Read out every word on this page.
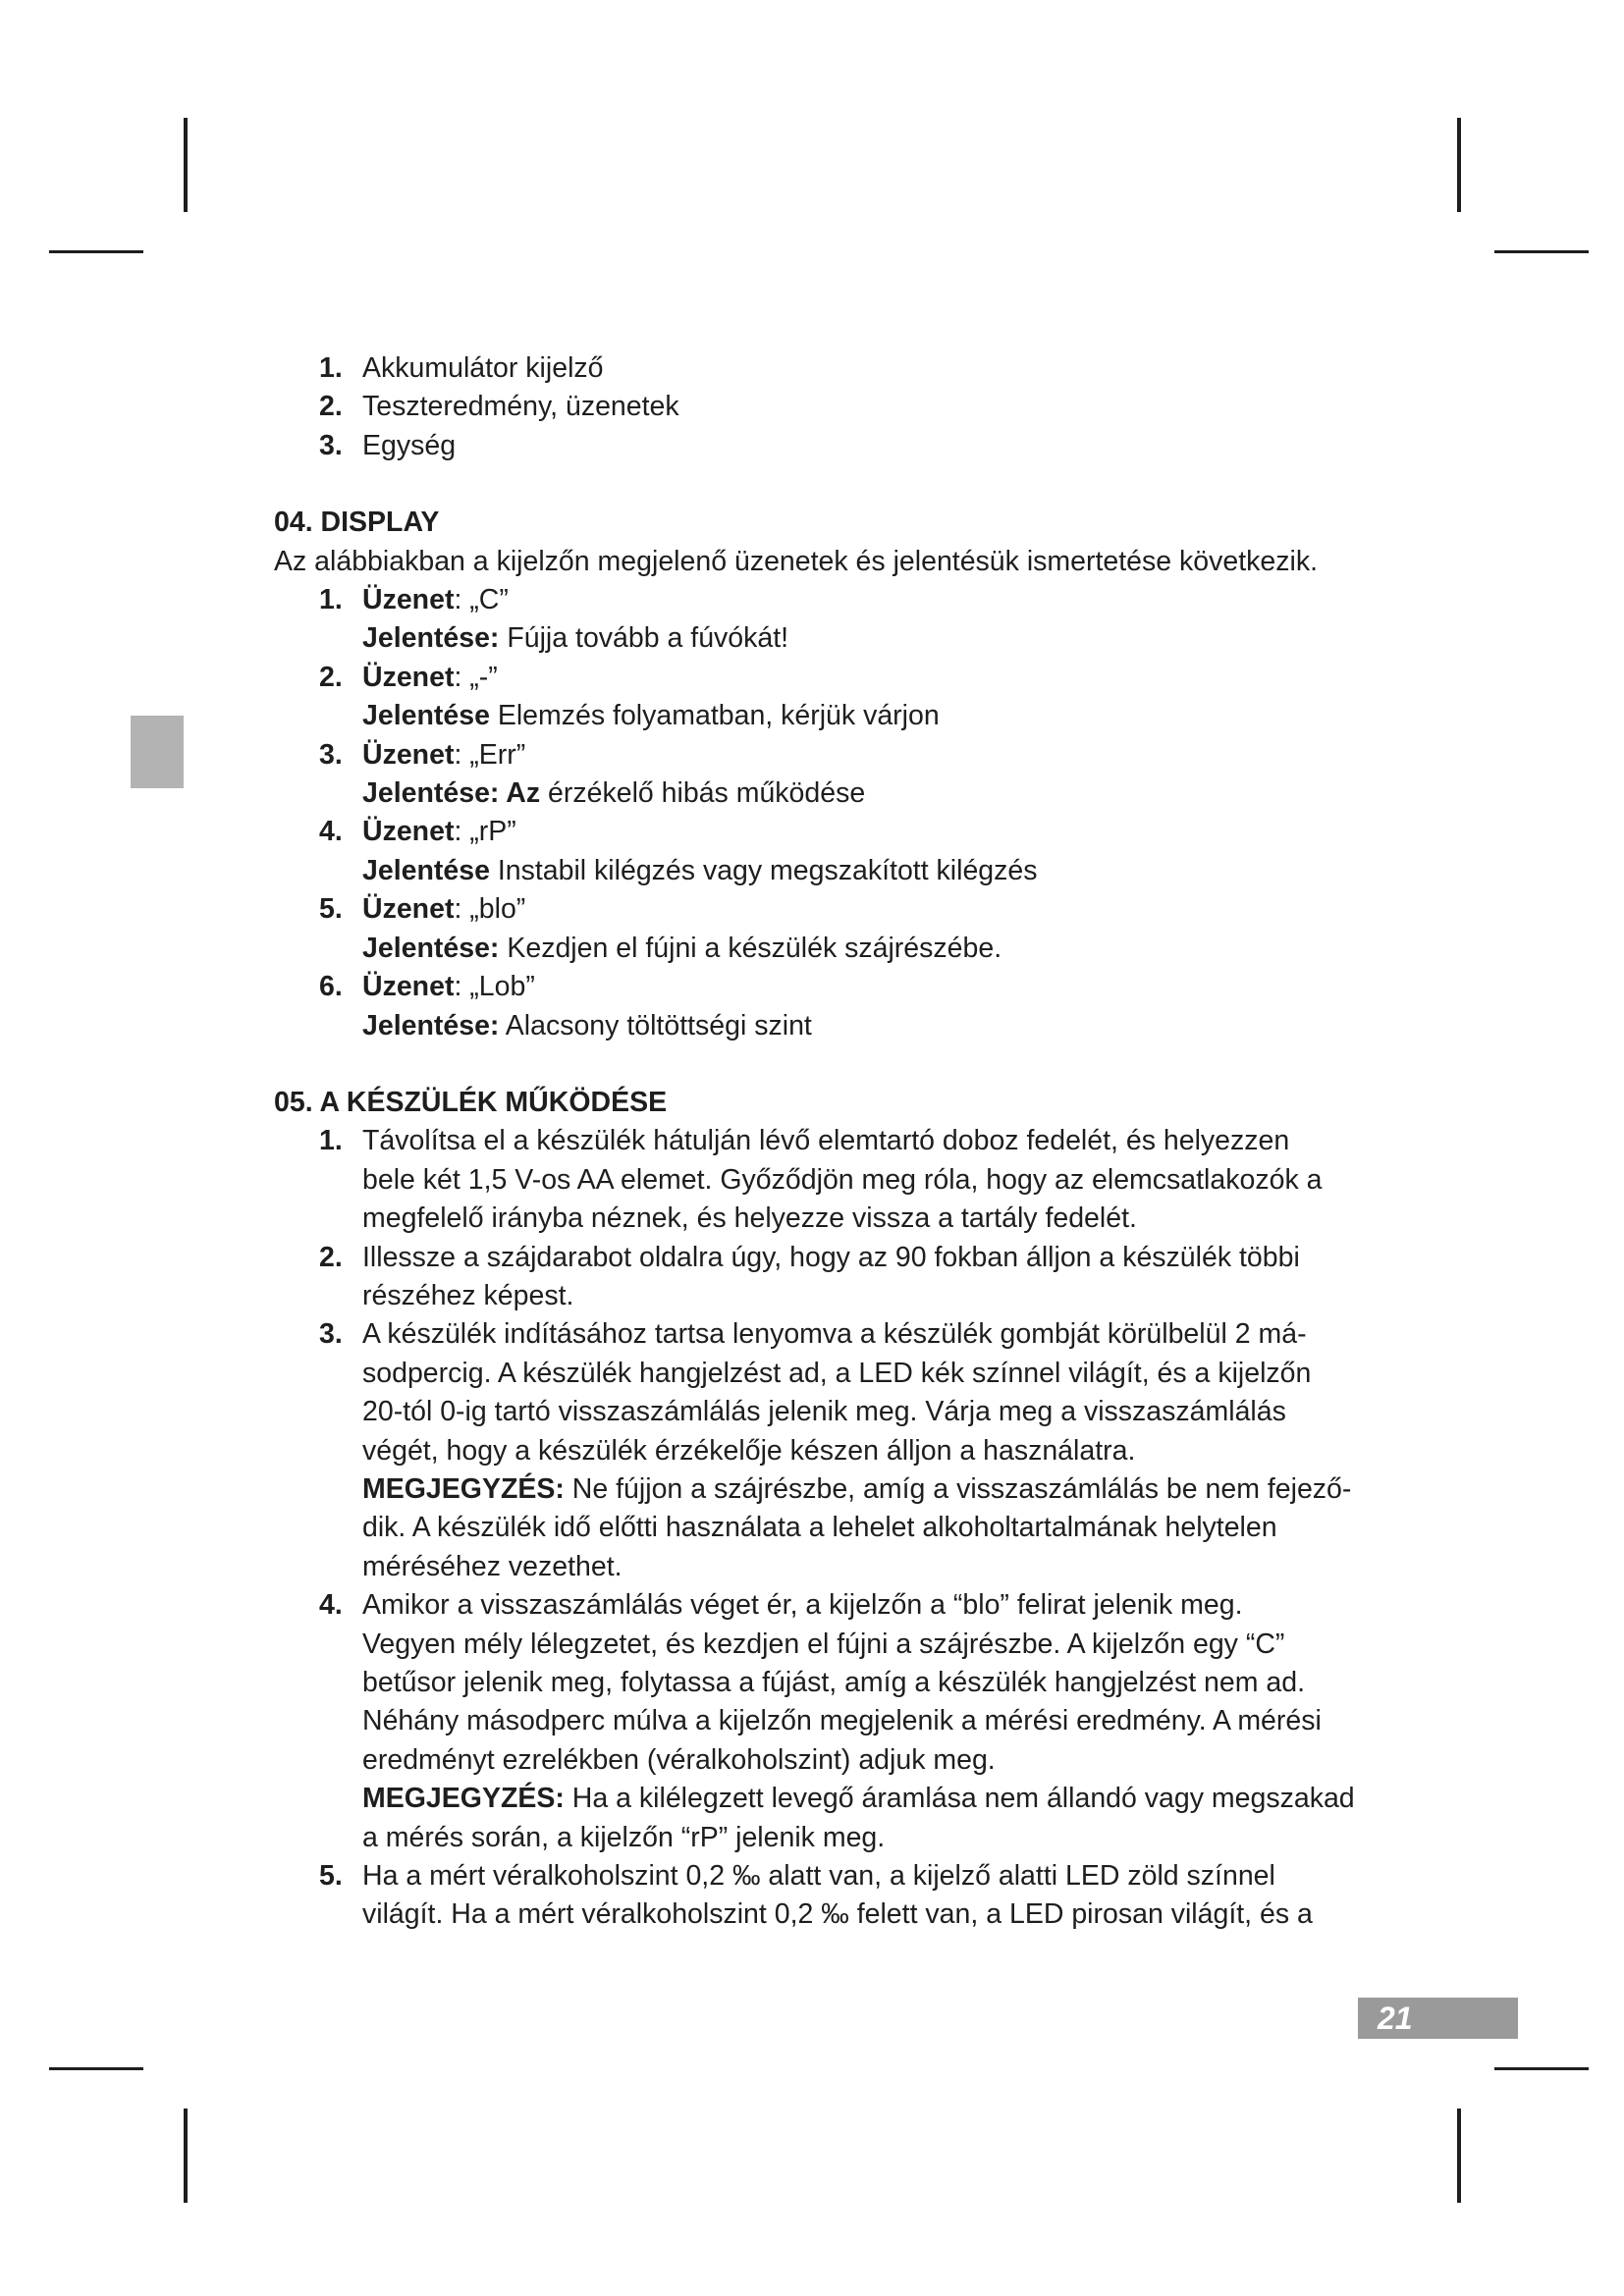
1. Akkumulátor kijelző
2. Teszteredmény, üzenetek
3. Egység

04. DISPLAY

Az alábbiakban a kijelzőn megjelenő üzenetek és jelentésük ismertetése következik.

1. Üzenet: „C”
Jelentése: Fújja tovább a fúvókát!
2. Üzenet: „-”
Jelentése Elemzés folyamatban, kérjük várjon
3. Üzenet: „Err”
Jelentése: Az érzékelő hibás működése
4. Üzenet: „rP”
Jelentése Instabil kilégzés vagy megszakított kilégzés
5. Üzenet: „blo”
Jelentése: Kezdjen el fújni a készülék szájrészébe.
6. Üzenet: „Lob”
Jelentése: Alacsony töltöttségi szint

05. A KÉSZÜLÉK MŰKÖDÉSE

1. Távolítsa el a készülék hátulján lévő elemtartó doboz fedelét, és helyezzen
bele két 1,5 V-os AA elemet. Győződjön meg róla, hogy az elemcsatlakozók a
megfelelő irányba néznek, és helyezze vissza a tartály fedelét.
2. Illessze a szájdarabot oldalra úgy, hogy az 90 fokban álljon a készülék többi
részéhez képest.
3. A készülék indításához tartsa lenyomva a készülék gombját körülbelül 2 má-
sodpercig. A készülék hangjelzést ad, a LED kék színnel világít, és a kijelzőn
20-tól 0-ig tartó visszaszámlálás jelenik meg. Várja meg a visszaszámlálás
végét, hogy a készülék érzékelője készen álljon a használatra.
MEGJEGYZÉS: Ne fújjon a szájrészbe, amíg a visszaszámlálás be nem fejező-
dik. A készülék idő előtti használata a lehelet alkoholtartalmának helytelen
méréséhez vezethet.
4. Amikor a visszaszámlálás véget ér, a kijelzőn a “blo” felirat jelenik meg.
Vegyen mély lélegzetet, és kezdjen el fújni a szájrészbe. A kijelzőn egy “C”
betűsor jelenik meg, folytassa a fújást, amíg a készülék hangjelzést nem ad.
Néhány másodperc múlva a kijelzőn megjelenik a mérési eredmény. A mérési
eredményt ezrelékben (véralkoholszint) adjuk meg.
MEGJEGYZÉS: Ha a kilélegzett levegő áramlása nem állandó vagy megszakad
a mérés során, a kijelzőn “rP” jelenik meg.
5. Ha a mért véralkoholszint 0,2 ‰ alatt van, a kijelző alatti LED zöld színnel
világít. Ha a mért véralkoholszint 0,2 ‰ felett van, a LED pirosan világít, és a
21
